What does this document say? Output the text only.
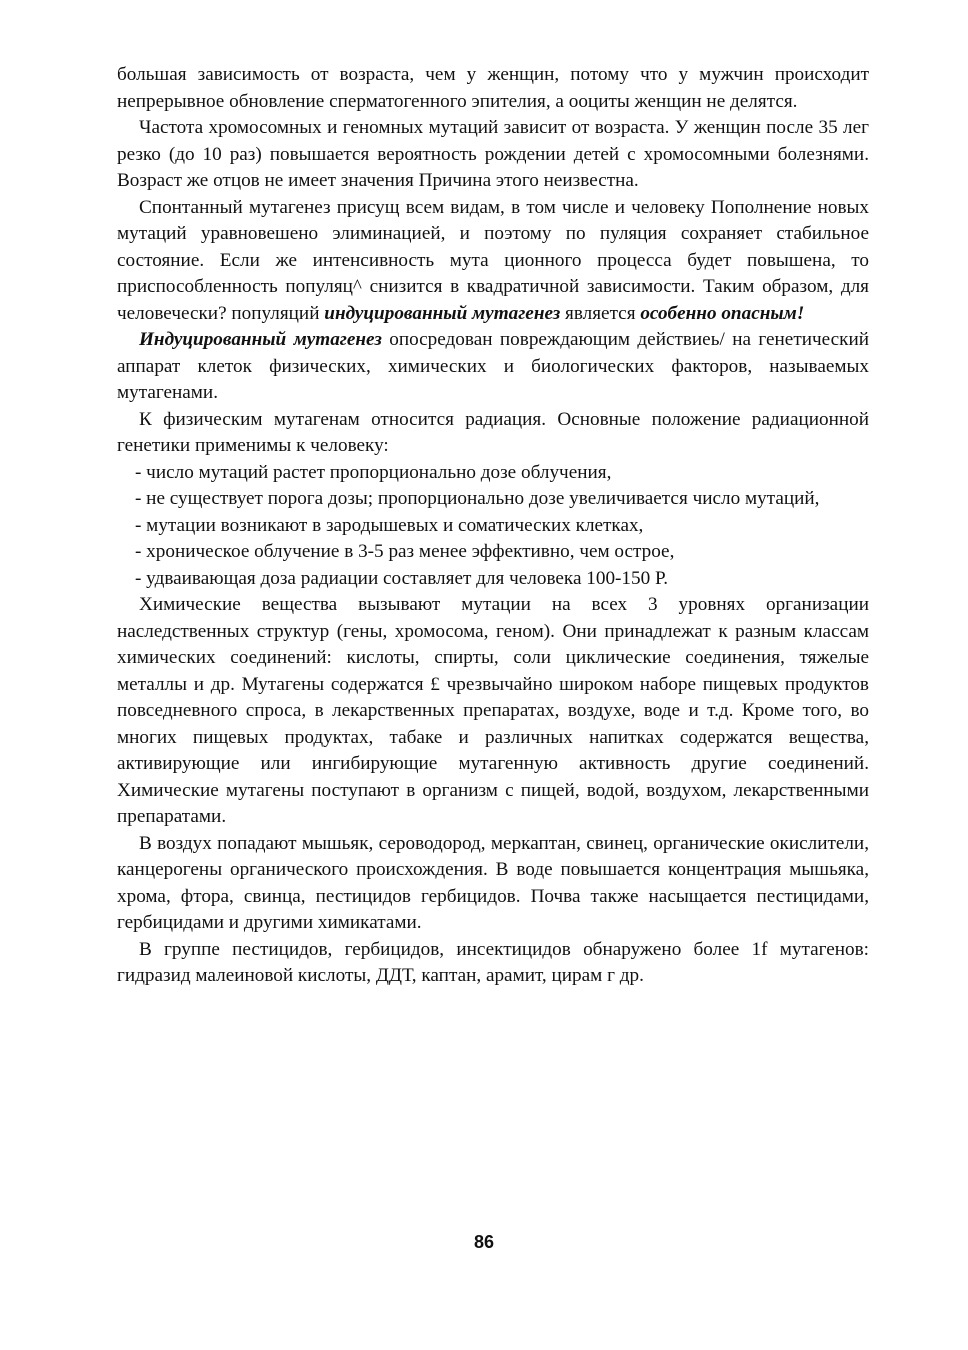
большая зависимость от возраста, чем у женщин, потому что у мужчин происходит непрерывное обновление сперматогенного эпителия, а ооциты женщин не делятся.

Частота хромосомных и геномных мутаций зависит от возраста. У женщин после 35 лег резко (до 10 раз) повышается вероятность рождении детей с хромосомными болезнями. Возраст же отцов не имеет значения Причина этого неизвестна.

Спонтанный мутагенез присущ всем видам, в том числе и человеку Пополнение новых мутаций уравновешено элиминацией, и поэтому по пуляция сохраняет стабильное состояние. Если же интенсивность мута ционного процесса будет повышена, то приспособленность популяц^ снизится в квадратичной зависимости. Таким образом, для человечески? популяций индуцированный мутагенез является особенно опасным!

Индуцированный мутагенез опосредован повреждающим действиеь/ на генетический аппарат клеток физических, химических и биологических факторов, называемых мутагенами.

К физическим мутагенам относится радиация. Основные положение радиационной генетики применимы к человеку:

- число мутаций растет пропорционально дозе облучения,

- не существует порога дозы; пропорционально дозе увеличивается число мутаций,

- мутации возникают в зародышевых и соматических клетках,

- хроническое облучение в 3-5 раз менее эффективно, чем острое,

- удваивающая доза радиации составляет для человека 100-150 Р.

Химические вещества вызывают мутации на всех 3 уровнях организации наследственных структур (гены, хромосома, геном). Они принадлежат к разным классам химических соединений: кислоты, спирты, соли циклические соединения, тяжелые металлы и др. Мутагены содержатся £ чрезвычайно широком наборе пищевых продуктов повседневного спроса, в лекарственных препаратах, воздухе, воде и т.д. Кроме того, во многих пищевых продуктах, табаке и различных напитках содержатся вещества, активирующие или ингибирующие мутагенную активность другие соединений. Химические мутагены поступают в организм с пищей, водой, воздухом, лекарственными препаратами.

В воздух попадают мышьяк, сероводород, меркаптан, свинец, органические окислители, канцерогены органического происхождения. В воде повышается концентрация мышьяка, хрома, фтора, свинца, пестицидов гербицидов. Почва также насыщается пестицидами, гербицидами и другими химикатами.

В группе пестицидов, гербицидов, инсектицидов обнаружено более 1f мутагенов: гидразид малеиновой кислоты, ДДТ, каптан, арамит, цирам г др.

86
